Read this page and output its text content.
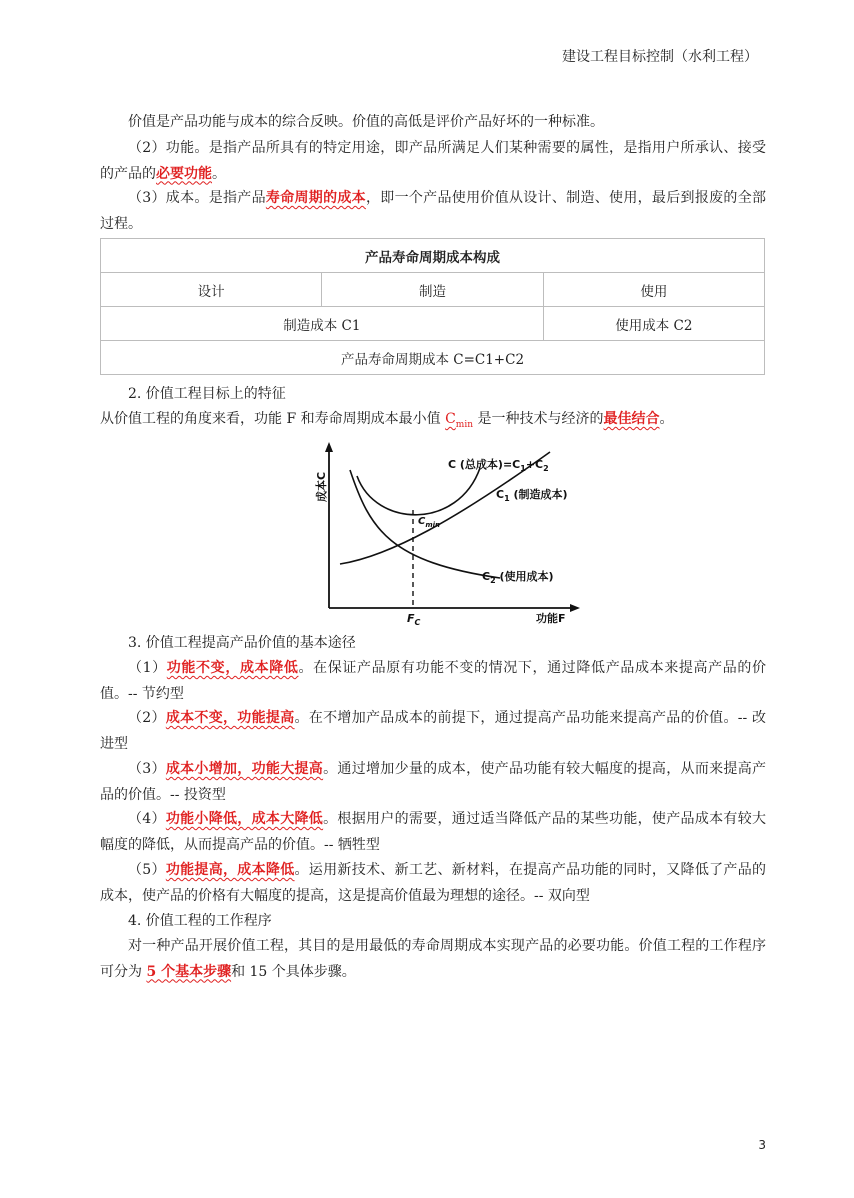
建设工程目标控制（水利工程）

价值是产品功能与成本的综合反映。价值的高低是评价产品好坏的一种标准。

（2）功能。是指产品所具有的特定用途，即产品所满足人们某种需要的属性，是指用户所承认、接受的产品的必要功能。

（3）成本。是指产品寿命周期的成本，即一个产品使用价值从设计、制造、使用，最后到报废的全部过程。

产品寿命周期成本构成		
设计	制造	使用
制造成本 C1		使用成本 C2
产品寿命周期成本 C=C1+C2		

2. 价值工程目标上的特征

从价值工程的角度来看，功能 F 和寿命周期成本最小值 $C_{min}$ 是一种技术与经济的最佳结合。

成本C
功能F
C (总成本)$=C_1+C_2$
$C_1$ (制造成本)
$C_2$ (使用成本)
$C_{min}$
$F_C$

3. 价值工程提高产品价值的基本途径

（1）功能不变，成本降低。在保证产品原有功能不变的情况下，通过降低产品成本来提高产品的价值。-- 节约型

（2）成本不变，功能提高。在不增加产品成本的前提下，通过提高产品功能来提高产品的价值。-- 改进型

（3）成本小增加，功能大提高。通过增加少量的成本，使产品功能有较大幅度的提高，从而来提高产品的价值。-- 投资型

（4）功能小降低，成本大降低。根据用户的需要，通过适当降低产品的某些功能，使产品成本有较大幅度的降低，从而提高产品的价值。-- 牺牲型

（5）功能提高，成本降低。运用新技术、新工艺、新材料，在提高产品功能的同时，又降低了产品的成本，使产品的价格有大幅度的提高，这是提高价值最为理想的途径。-- 双向型

4. 价值工程的工作程序

对一种产品开展价值工程，其目的是用最低的寿命周期成本实现产品的必要功能。价值工程的工作程序可分为 5 个基本步骤和 15 个具体步骤。

3
